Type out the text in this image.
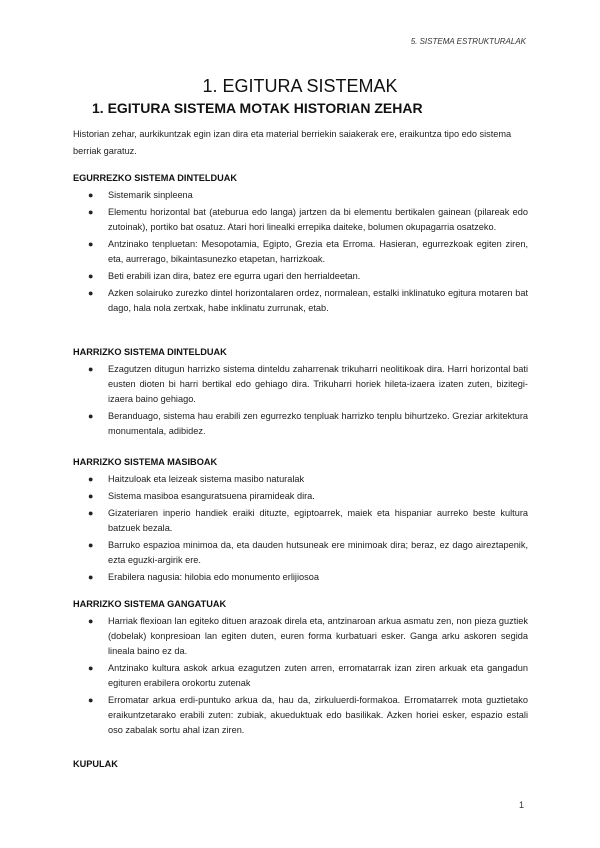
5. SISTEMA ESTRUKTURALAK
1. EGITURA SISTEMAK
1. EGITURA SISTEMA MOTAK HISTORIAN ZEHAR

Historian zehar, aurkikuntzak egin izan dira eta material berriekin saiakerak ere, eraikuntza tipo edo sistema berriak garatuz.

EGURREZKO SISTEMA DINTELDUAK
● Sistemarik sinpleena
● Elementu horizontal bat (ateburua edo langa) jartzen da bi elementu bertikalen gainean (pilareak edo zutoinak), portiko bat osatuz. Atari hori linealki errepika daiteke, bolumen okupagarria osatzeko.
● Antzinako tenpluetan: Mesopotamia, Egipto, Grezia eta Erroma. Hasieran, egurrezkoak egiten ziren, eta, aurrerago, bikaintasunezko etapetan, harrizkoak.
● Beti erabili izan dira, batez ere egurra ugari den herrialdeetan.
● Azken solairuko zurezko dintel horizontalaren ordez, normalean, estalki inklinatuko egitura motaren bat dago, hala nola zertxak, habe inklinatu zurrunak, etab.
HARRIZKO SISTEMA DINTELDUAK
● Ezagutzen ditugun harrizko sistema dinteldu zaharrenak trikuharri neolitikoak dira. Harri horizontal bati eusten dioten bi harri bertikal edo gehiago dira. Trikuharri horiek hileta-izaera izaten zuten, bizitegi-izaera baino gehiago.
● Beranduago, sistema hau erabili zen egurrezko tenpluak harrizko tenplu bihurtzeko. Greziar arkitektura monumentala, adibidez.
HARRIZKO SISTEMA MASIBOAK
● Haitzuloak eta leizeak sistema masibo naturalak
● Sistema masiboa esanguratsuena piramideak dira.
● Gizateriaren inperio handiek eraiki dituzte, egiptoarrek, maiek eta hispaniar aurreko beste kultura batzuek bezala.
● Barruko espazioa minimoa da, eta dauden hutsuneak ere minimoak dira; beraz, ez dago aireztapenik, ezta eguzki-argirik ere.
● Erabilera nagusia: hilobia edo monumento erlijiosoa
HARRIZKO SISTEMA GANGATUAK
● Harriak flexioan lan egiteko dituen arazoak direla eta, antzinaroan arkua asmatu zen, non pieza guztiek (dobelak) konpresioan lan egiten duten, euren forma kurbatuari esker. Ganga arku askoren segida lineala baino ez da.
● Antzinako kultura askok arkua ezagutzen zuten arren, erromatarrak izan ziren arkuak eta gangadun egituren erabilera orokortu zutenak
● Erromatar arkua erdi-puntuko arkua da, hau da, zirkuluerdi-formakoa. Erromatarrek mota guztietako eraikuntzetarako erabili zuten: zubiak, akueduktuak edo basilikak. Azken horiei esker, espazio estali oso zabalak sortu ahal izan ziren.
KUPULAK
1
